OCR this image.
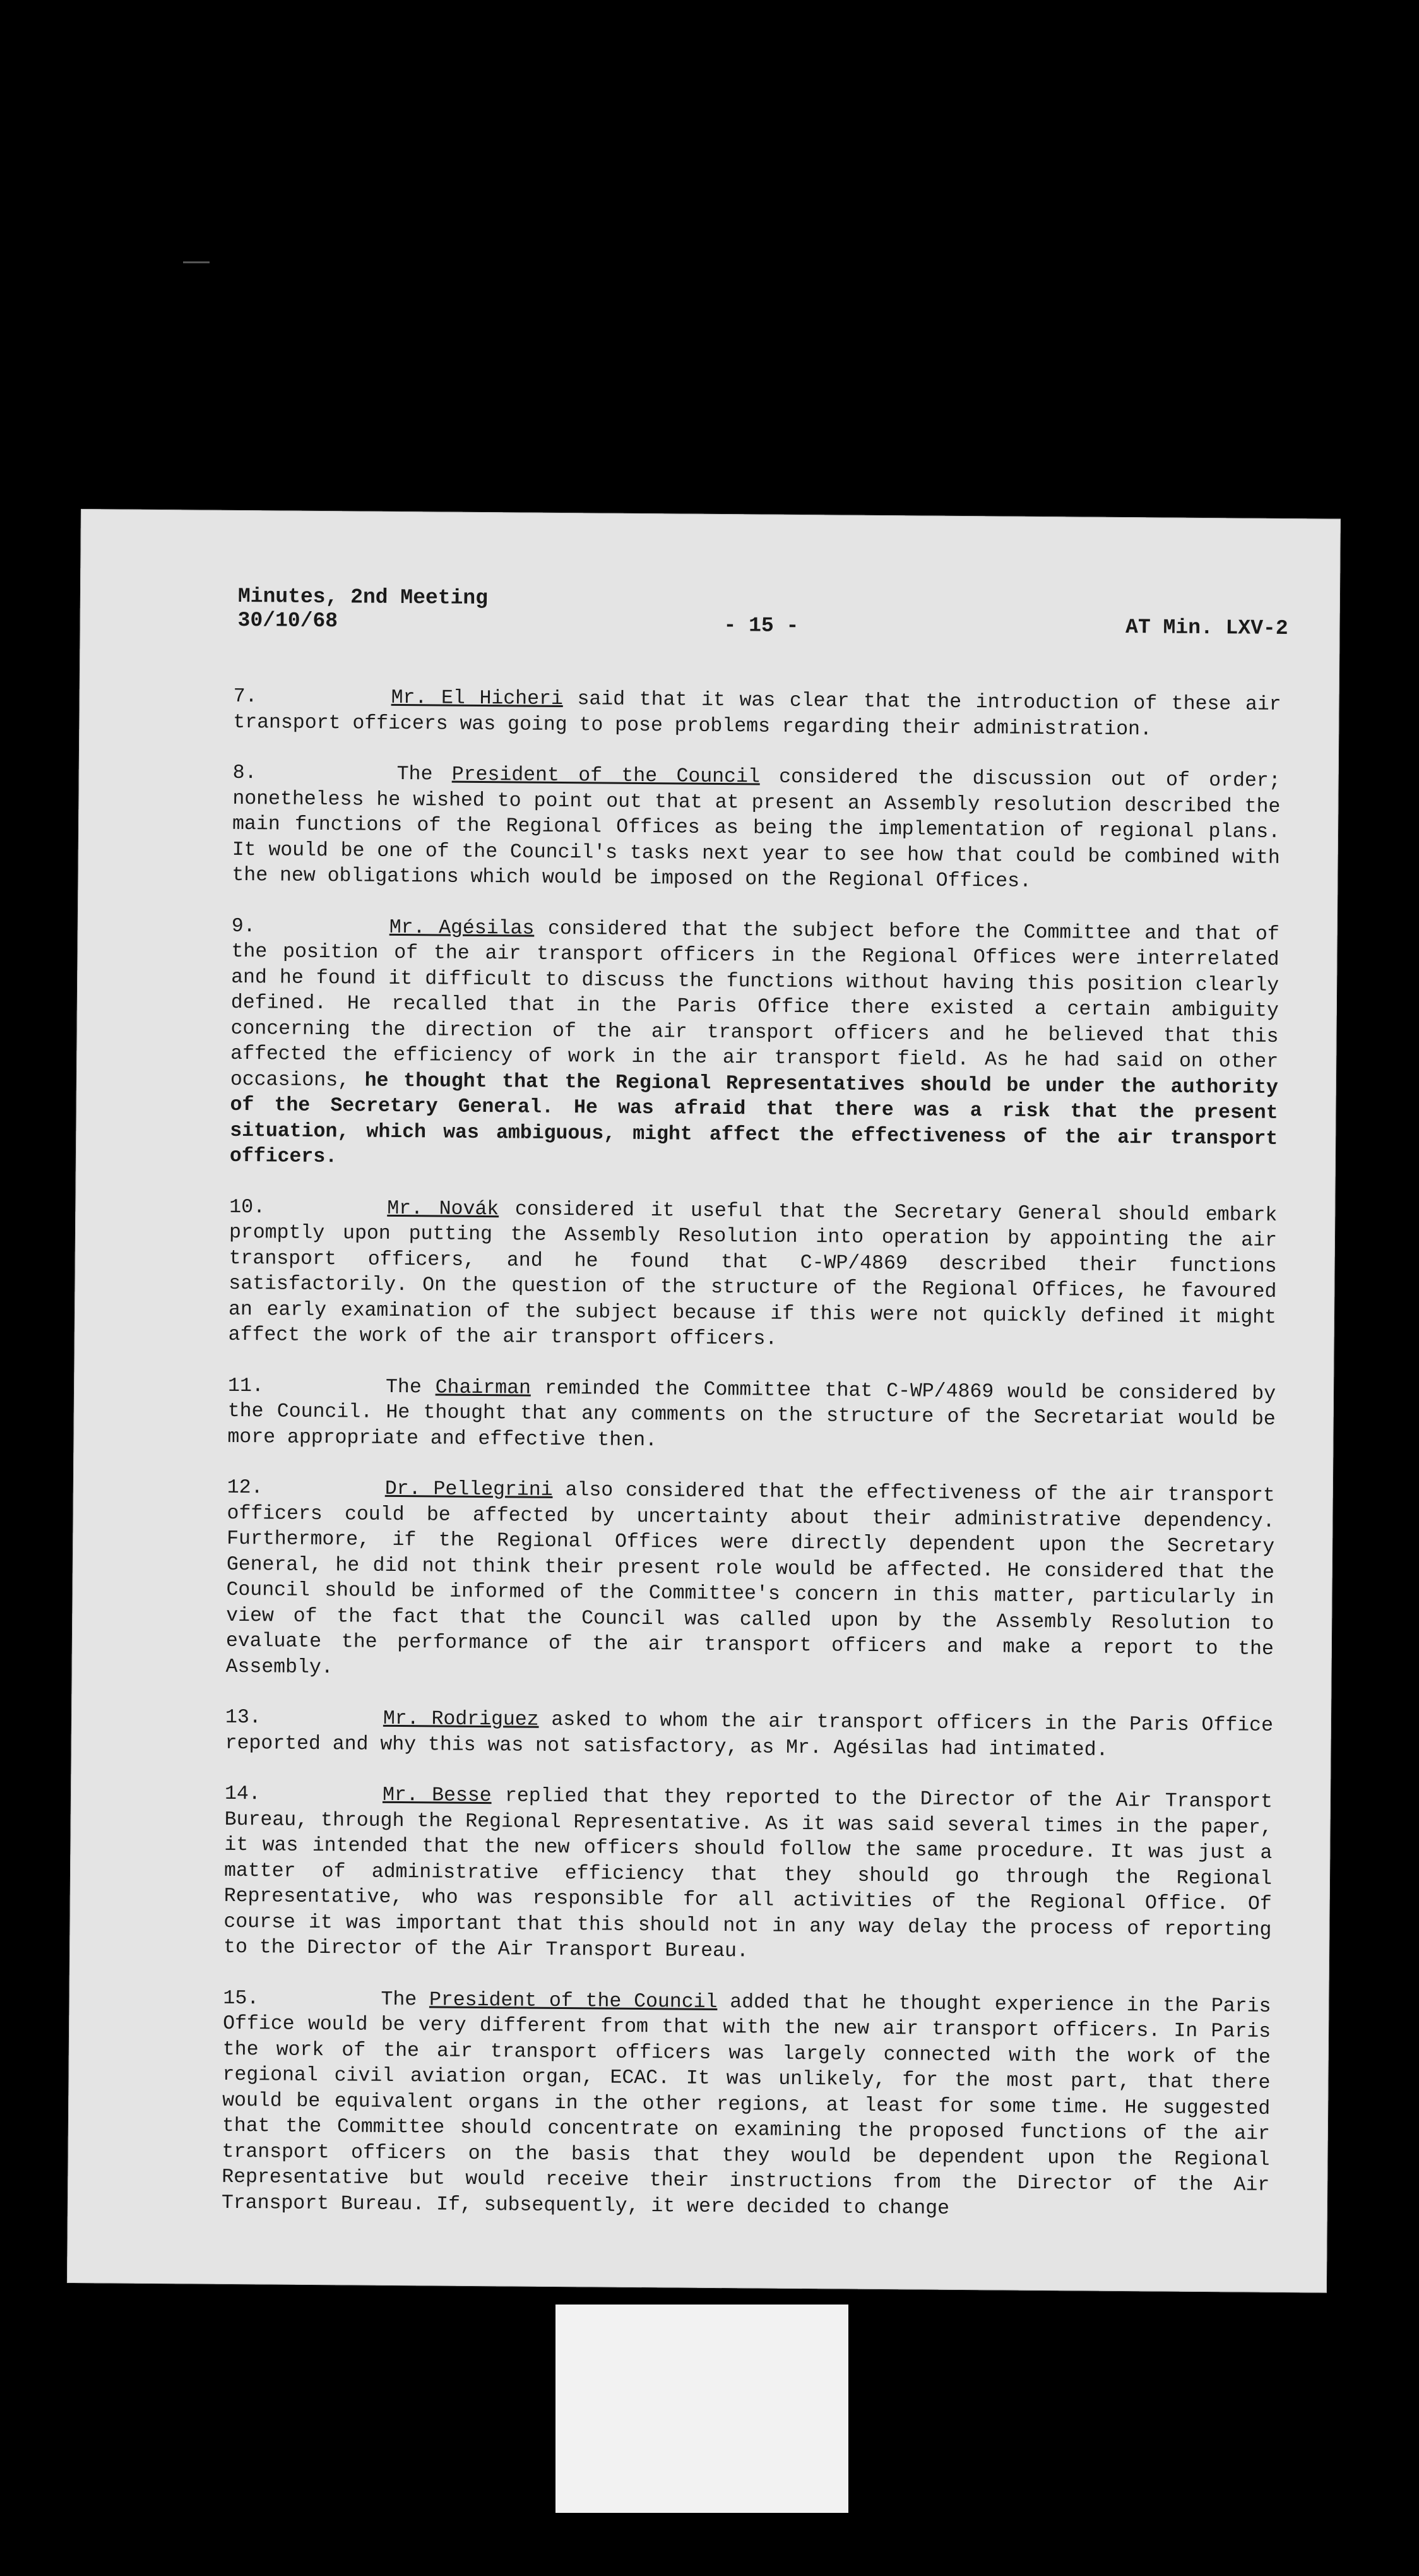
Minutes, 2nd Meeting
30/10/68	- 15 -	AT Min. LXV-2

7.	Mr. El Hicheri said that it was clear that the introduction of these air transport officers was going to pose problems regarding their administration.

8.	The President of the Council considered the discussion out of order; nonetheless he wished to point out that at present an Assembly resolution described the main functions of the Regional Offices as being the implementation of regional plans. It would be one of the Council's tasks next year to see how that could be combined with the new obligations which would be imposed on the Regional Offices.

9.	Mr. Agésilas considered that the subject before the Committee and that of the position of the air transport officers in the Regional Offices were interrelated and he found it difficult to discuss the functions without having this position clearly defined. He recalled that in the Paris Office there existed a certain ambiguity concerning the direction of the air transport officers and he believed that this affected the efficiency of work in the air transport field. As he had said on other occasions, he thought that the Regional Representatives should be under the authority of the Secretary General. He was afraid that there was a risk that the present situation, which was ambiguous, might affect the effectiveness of the air transport officers.

10.	Mr. Novák considered it useful that the Secretary General should embark promptly upon putting the Assembly Resolution into operation by appointing the air transport officers, and he found that C-WP/4869 described their functions satisfactorily. On the question of the structure of the Regional Offices, he favoured an early examination of the subject because if this were not quickly defined it might affect the work of the air transport officers.

11.	The Chairman reminded the Committee that C-WP/4869 would be considered by the Council. He thought that any comments on the structure of the Secretariat would be more appropriate and effective then.

12.	Dr. Pellegrini also considered that the effectiveness of the air transport officers could be affected by uncertainty about their administrative dependency. Furthermore, if the Regional Offices were directly dependent upon the Secretary General, he did not think their present role would be affected. He considered that the Council should be informed of the Committee's concern in this matter, particularly in view of the fact that the Council was called upon by the Assembly Resolution to evaluate the performance of the air transport officers and make a report to the Assembly.

13.	Mr. Rodriguez asked to whom the air transport officers in the Paris Office reported and why this was not satisfactory, as Mr. Agésilas had intimated.

14.	Mr. Besse replied that they reported to the Director of the Air Transport Bureau, through the Regional Representative. As it was said several times in the paper, it was intended that the new officers should follow the same procedure. It was just a matter of administrative efficiency that they should go through the Regional Representative, who was responsible for all activities of the Regional Office. Of course it was important that this should not in any way delay the process of reporting to the Director of the Air Transport Bureau.

15.	The President of the Council added that he thought experience in the Paris Office would be very different from that with the new air transport officers. In Paris the work of the air transport officers was largely connected with the work of the regional civil aviation organ, ECAC. It was unlikely, for the most part, that there would be equivalent organs in the other regions, at least for some time. He suggested that the Committee should concentrate on examining the proposed functions of the air transport officers on the basis that they would be dependent upon the Regional Representative but would receive their instructions from the Director of the Air Transport Bureau. If, subsequently, it were decided to change
